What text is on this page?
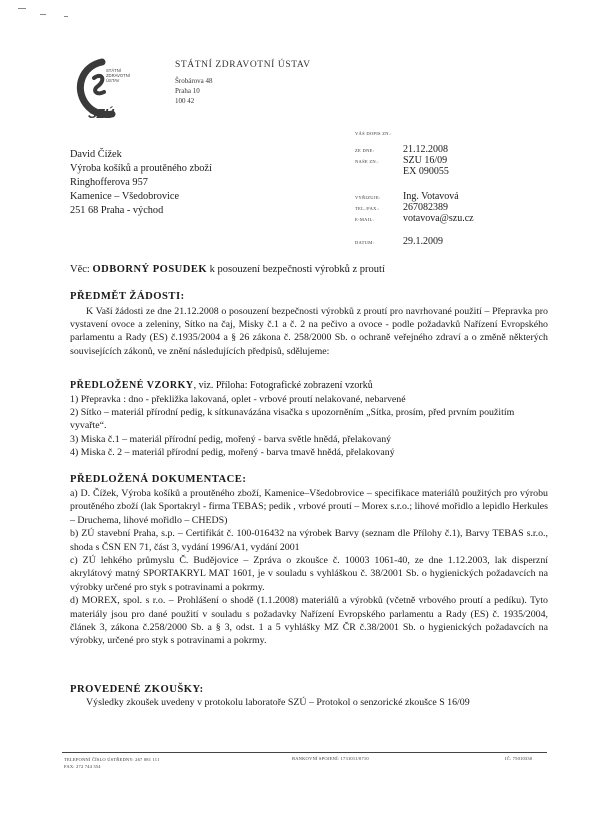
STÁTNÍ
ZDRAVOTNÍ
ÚSTAV
SZÚ
STÁTNÍ ZDRAVOTNÍ ÚSTAV
Šrobárova 48
Praha 10
100 42
VÁŠ DOPIS ZN.:
ZE DNE:	21.12.2008
NAŠE ZN.:	SZU 16/09
EX 090055
VYŘIZUJE:	Ing. Votavová
TEL./FAX.:	267082389
E-MAIL:	votavova@szu.cz
DATUM:	29.1.2009
David Čížek
Výroba košíků a proutěného zboží
Ringhofferova 957
Kamenice – Všedobrovice
251 68 Praha - východ
Věc: ODBORNÝ POSUDEK k posouzení bezpečnosti výrobků z proutí
PŘEDMĚT ŽÁDOSTI:
K Vaší žádosti ze dne 21.12.2008 o posouzení bezpečnosti výrobků z proutí pro navrhované použití – Přepravka pro vystavení ovoce a zeleniny, Sítko na čaj, Misky č.1 a č. 2 na pečivo a ovoce - podle požadavků Nařízení Evropského parlamentu a Rady (ES) č.1935/2004 a § 26 zákona č. 258/2000 Sb. o ochraně veřejného zdraví a o změně některých souvisejících zákonů, ve znění následujících předpisů, sdělujeme:
PŘEDLOŽENÉ VZORKY, viz. Příloha: Fotografické zobrazení vzorků
1) Přepravka : dno - překližka lakovaná, oplet - vrbové proutí nelakované, nebarvené
2) Sítko – materiál přírodní pedig, k sítkunavázána visačka s upozorněním „Sítka, prosím, před prvním použitím vyvařte“.
3) Miska č.1 – materiál přírodní pedig, mořený - barva světle hnědá, přelakovaný
4) Miska č. 2 – materiál přírodní pedig, mořený - barva tmavě hnědá, přelakovaný
PŘEDLOŽENÁ DOKUMENTACE:
a) D. Čížek, Výroba košíků a proutěného zboží, Kamenice–Všedobrovice – specifikace materiálů použitých pro výrobu proutěného zboží (lak Sportakryl - firma TEBAS; pedik , vrbové proutí – Morex s.r.o.; lihové mořidlo a lepidlo Herkules – Druchema, lihové mořidlo – CHEDS)
b) ZÚ stavební Praha, s.p. – Certifikát č. 100-016432 na výrobek Barvy (seznam dle Přílohy č.1), Barvy TEBAS s.r.o., shoda s ČSN EN 71, část 3, vydání 1996/A1, vydání 2001
c) ZÚ lehkého průmyslu Č. Budějovice – Zpráva o zkoušce č. 10003 1061-40, ze dne 1.12.2003, lak disperzní akrylátový matný SPORTAKRYL MAT 1601, je v souladu s vyhláškou č. 38/2001 Sb. o hygienických požadavcích na výrobky určené pro styk s potravinami a pokrmy.
d) MOREX, spol. s r.o. – Prohlášení o shodě (1.1.2008) materiálů a výrobků (včetně vrbového proutí a pedíku). Tyto materiály jsou pro dané použití v souladu s požadavky Nařízení Evropského parlamentu a Rady (ES) č. 1935/2004, článek 3, zákona č.258/2000 Sb. a § 3, odst. 1 a 5 vyhlášky MZ ČR č.38/2001 Sb. o hygienických požadavcích na výrobky, určené pro styk s potravinami a pokrmy.
PROVEDENÉ ZKOUŠKY:
Výsledky zkoušek uvedeny v protokolu laboratoře SZÚ – Protokol o senzorické zkoušce S 16/09
TELEFONNÍ ČÍSLO ÚSTŘEDNY: 267 081 111
FAX: 272 744 354
BANKOVNÍ SPOJENÍ: 1731011/0710	IČ: 75010330
